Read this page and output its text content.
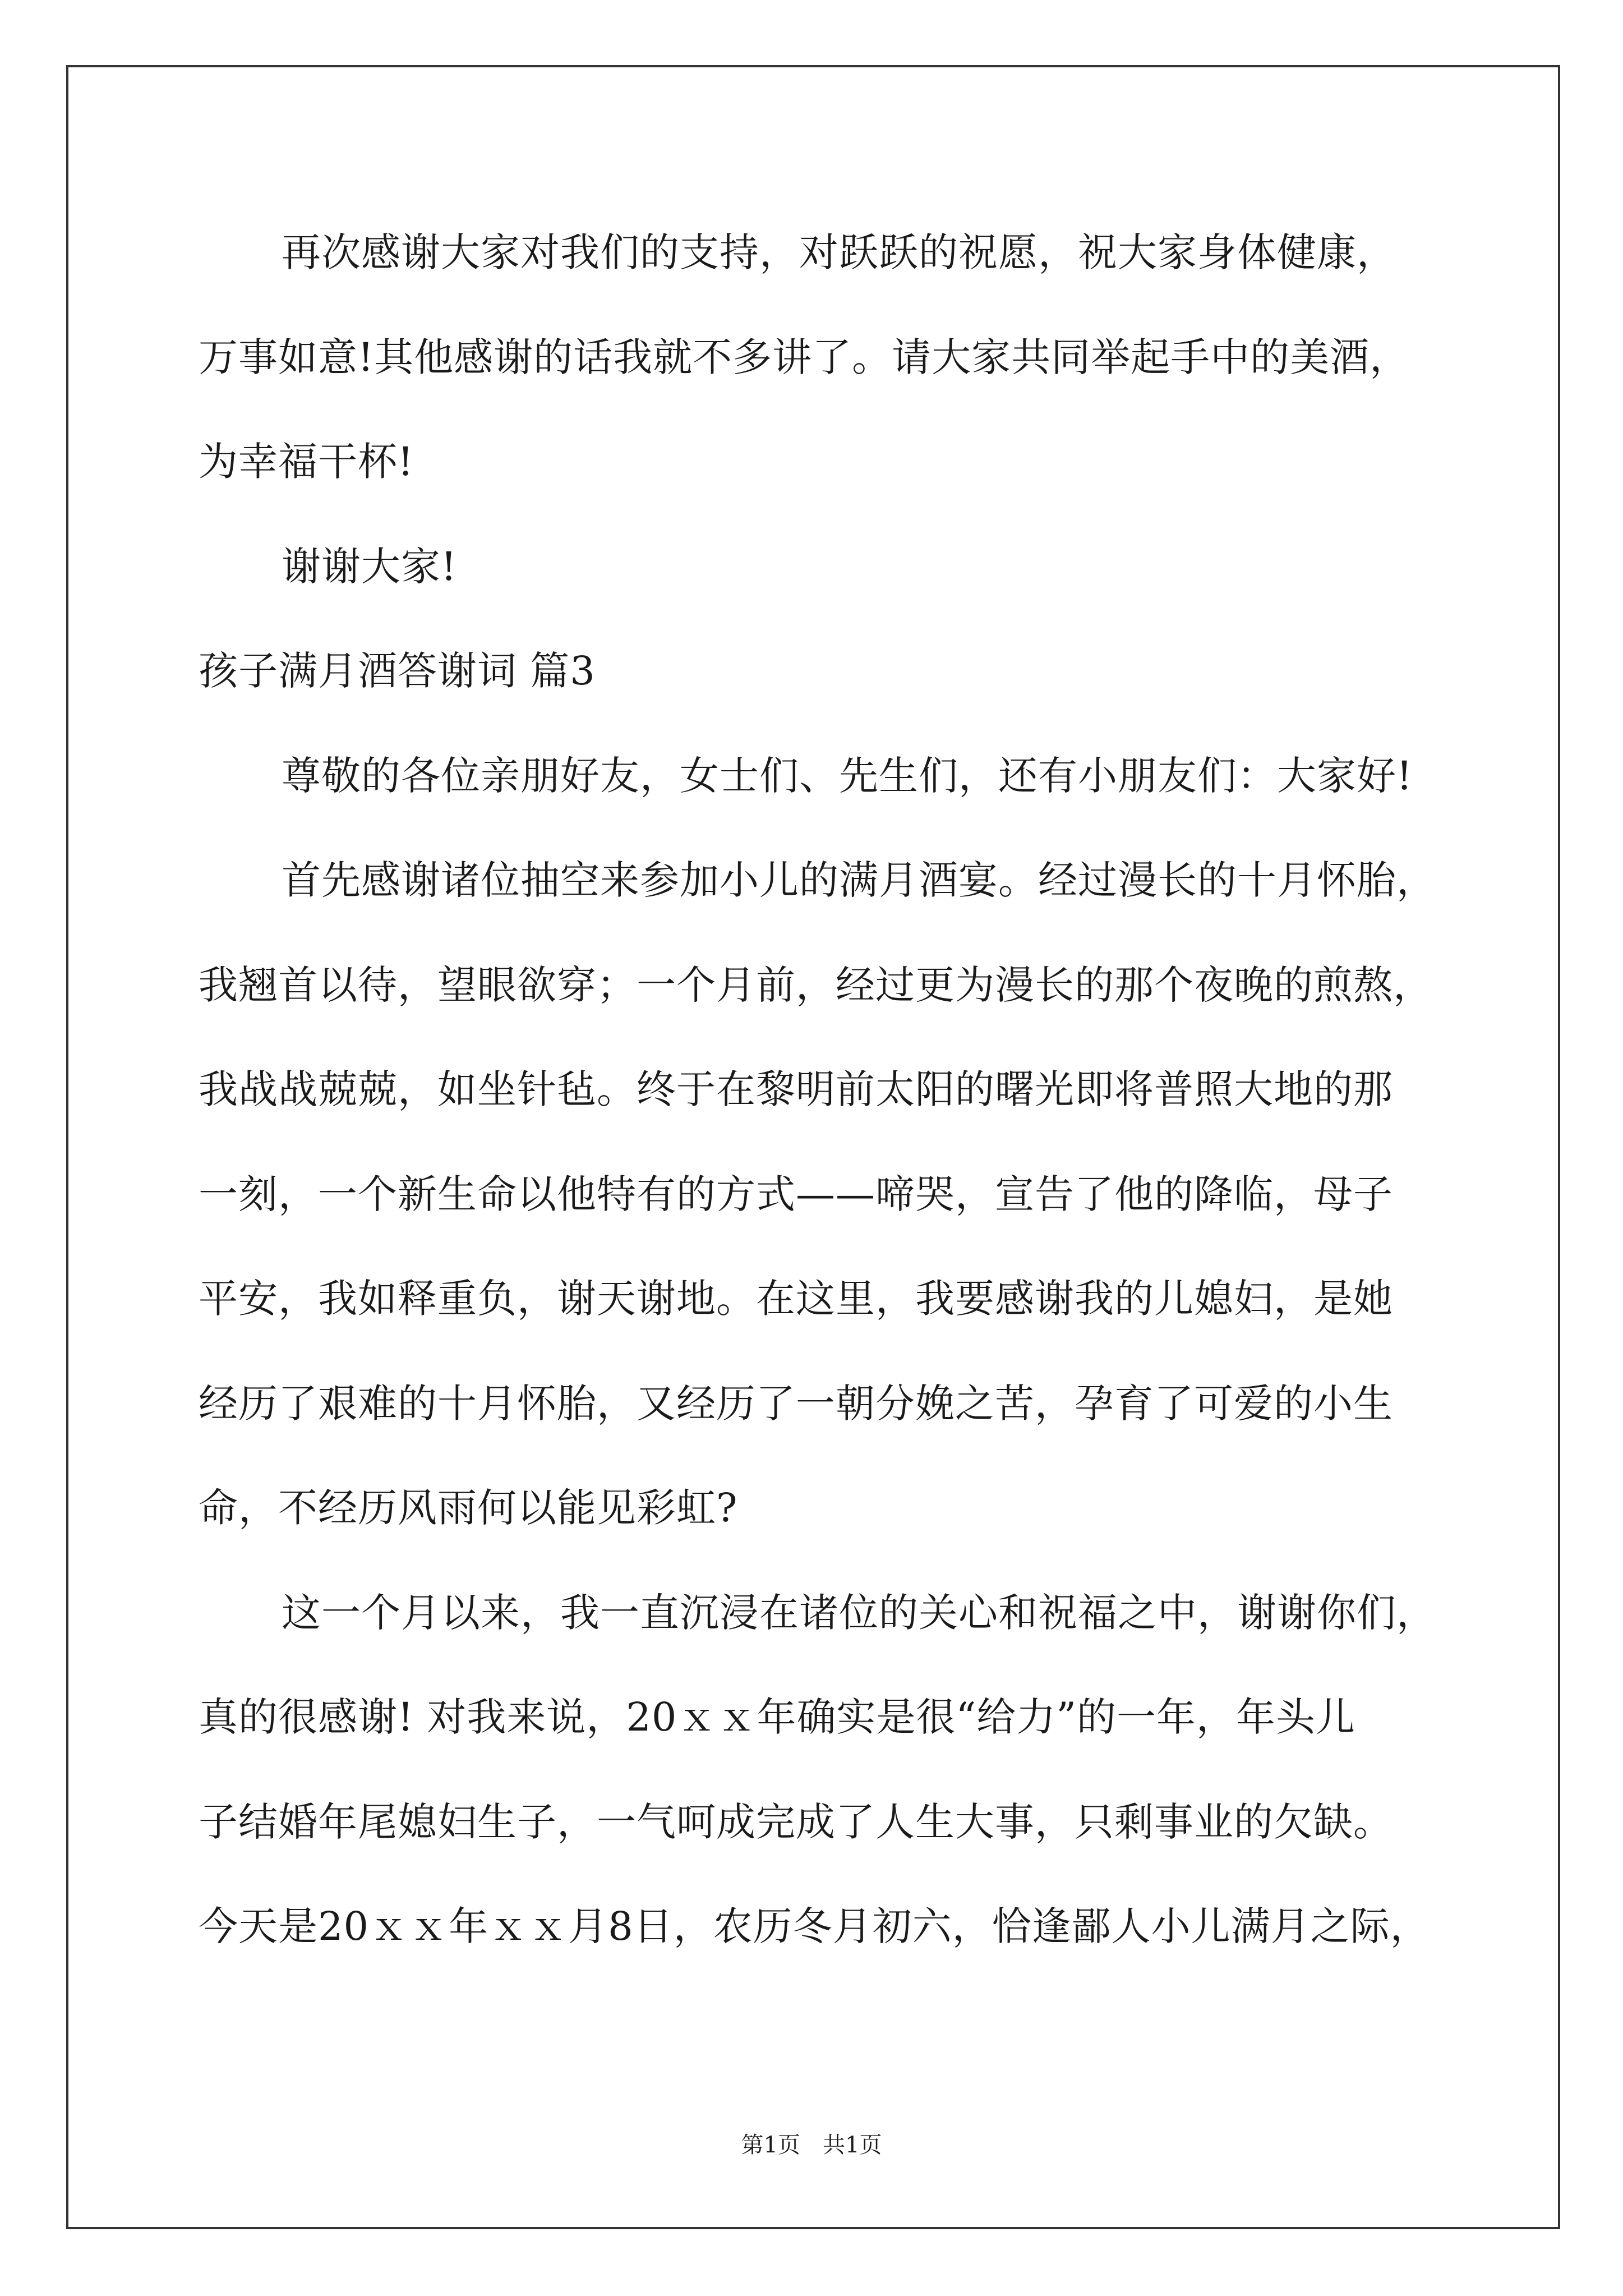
再次感谢大家对我们的支持，对跃跃的祝愿，祝大家身体健康，
万事如意!其他感谢的话我就不多讲了。请大家共同举起手中的美酒，
为幸福干杯!
谢谢大家!
孩子满月酒答谢词 篇3
尊敬的各位亲朋好友，女士们、先生们，还有小朋友们：大家好!
首先感谢诸位抽空来参加小儿的满月酒宴。经过漫长的十月怀胎，
我翘首以待，望眼欲穿；一个月前，经过更为漫长的那个夜晚的煎熬，
我战战兢兢，如坐针毡。终于在黎明前太阳的曙光即将普照大地的那
一刻，一个新生命以他特有的方式——啼哭，宣告了他的降临，母子
平安，我如释重负，谢天谢地。在这里，我要感谢我的儿媳妇，是她
经历了艰难的十月怀胎，又经历了一朝分娩之苦，孕育了可爱的小生
命，不经历风雨何以能见彩虹?
这一个月以来，我一直沉浸在诸位的关心和祝福之中，谢谢你们，
真的很感谢! 对我来说，20ｘｘ年确实是很“给力”的一年，年头儿
子结婚年尾媳妇生子，一气呵成完成了人生大事，只剩事业的欠缺。
今天是20ｘｘ年ｘｘ月8日，农历冬月初六，恰逢鄙人小儿满月之际，
第1页　共1页
